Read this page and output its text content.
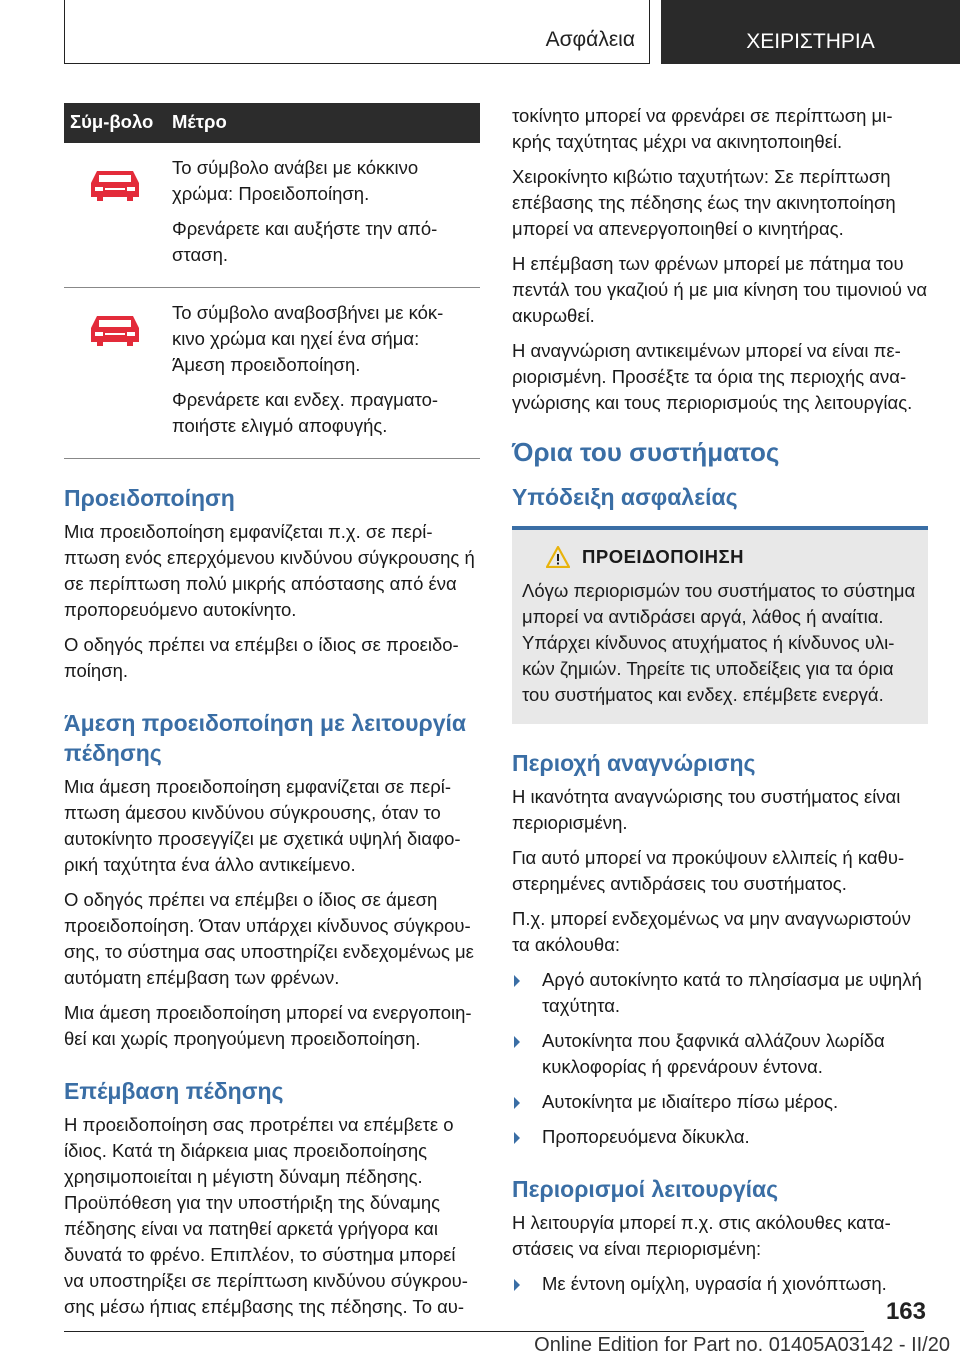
Ασφάλεια	ΧΕΙΡΙΣΤΗΡΙΑ
Σύμ-βολο	Μέτρο

Το σύμβολο ανάβει με κόκκινο χρώμα: Προειδοποίηση.

Φρενάρετε και αυξήστε την από-σταση.

Το σύμβολο αναβοσβήνει με κόκ-κινο χρώμα και ηχεί ένα σήμα: Άμεση προειδοποίηση.

Φρενάρετε και ενδεχ. πραγματο-ποιήστε ελιγμό αποφυγής.

Προειδοποίηση

Μια προειδοποίηση εμφανίζεται π.χ. σε περί-πτωση ενός επερχόμενου κινδύνου σύγκρουσης ή σε περίπτωση πολύ μικρής απόστασης από ένα προπορευόμενο αυτοκίνητο.

Ο οδηγός πρέπει να επέμβει ο ίδιος σε προειδο-ποίηση.

Άμεση προειδοποίηση με λειτουργία πέδησης

Μια άμεση προειδοποίηση εμφανίζεται σε περί-πτωση άμεσου κινδύνου σύγκρουσης, όταν το αυτοκίνητο προσεγγίζει με σχετικά υψηλή διαφο-ρική ταχύτητα ένα άλλο αντικείμενο.

Ο οδηγός πρέπει να επέμβει ο ίδιος σε άμεση προειδοποίηση. Όταν υπάρχει κίνδυνος σύγκρου-σης, το σύστημα σας υποστηρίζει ενδεχομένως με αυτόματη επέμβαση των φρένων.

Μια άμεση προειδοποίηση μπορεί να ενεργοποιη-θεί και χωρίς προηγούμενη προειδοποίηση.

Επέμβαση πέδησης

Η προειδοποίηση σας προτρέπει να επέμβετε ο ίδιος. Κατά τη διάρκεια μιας προειδοποίησης χρησιμοποιείται η μέγιστη δύναμη πέδησης. Προϋπόθεση για την υποστήριξη της δύναμης πέδησης είναι να πατηθεί αρκετά γρήγορα και δυνατά το φρένο. Επιπλέον, το σύστημα μπορεί να υποστηρίξει σε περίπτωση κινδύνου σύγκρου-σης μέσω ήπιας επέμβασης της πέδησης. Το αυ-

τοκίνητο μπορεί να φρενάρει σε περίπτωση μι-κρής ταχύτητας μέχρι να ακινητοποιηθεί.

Χειροκίνητο κιβώτιο ταχυτήτων: Σε περίπτωση επέβασης της πέδησης έως την ακινητοποίηση μπορεί να απενεργοποιηθεί ο κινητήρας.

Η επέμβαση των φρένων μπορεί με πάτημα του πεντάλ του γκαζιού ή με μια κίνηση του τιμονιού να ακυρωθεί.

Η αναγνώριση αντικειμένων μπορεί να είναι πε-ριορισμένη. Προσέξτε τα όρια της περιοχής ανα-γνώρισης και τους περιορισμούς της λειτουργίας.

Όρια του συστήματος
Υπόδειξη ασφαλείας
ΠΡΟΕΙΔΟΠΟΙΗΣΗ
Λόγω περιορισμών του συστήματος το σύστημα μπορεί να αντιδράσει αργά, λάθος ή αναίτια. Υπάρχει κίνδυνος ατυχήματος ή κίνδυνος υλι-κών ζημιών. Τηρείτε τις υποδείξεις για τα όρια του συστήματος και ενδεχ. επέμβετε ενεργά.
Περιοχή αναγνώρισης

Η ικανότητα αναγνώρισης του συστήματος είναι περιορισμένη.

Για αυτό μπορεί να προκύψουν ελλιπείς ή καθυ-στερημένες αντιδράσεις του συστήματος.

Π.χ. μπορεί ενδεχομένως να μην αναγνωριστούν τα ακόλουθα:

Αργό αυτοκίνητο κατά το πλησίασμα με υψηλή ταχύτητα.
Αυτοκίνητα που ξαφνικά αλλάζουν λωρίδα κυκλοφορίας ή φρενάρουν έντονα.
Αυτοκίνητα με ιδιαίτερο πίσω μέρος.
Προπορευόμενα δίκυκλα.
Περιορισμοί λειτουργίας

Η λειτουργία μπορεί π.χ. στις ακόλουθες κατα-στάσεις να είναι περιορισμένη:

Με έντονη ομίχλη, υγρασία ή χιονόπτωση.
163
Online Edition for Part no. 01405A03142 - II/20
